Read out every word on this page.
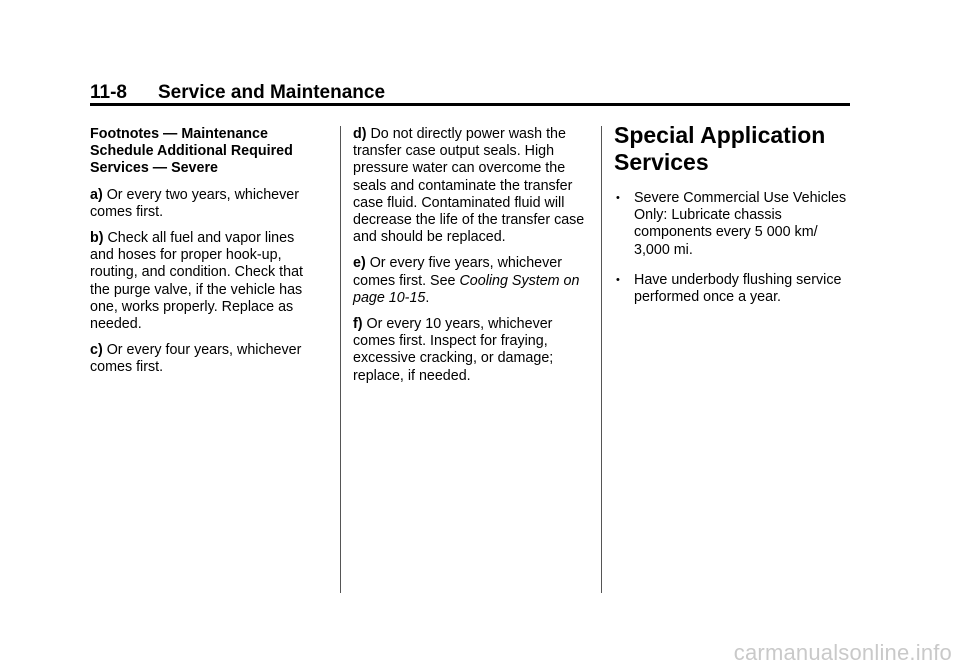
11-8 Service and Maintenance

Footnotes — Maintenance Schedule Additional Required Services — Severe

a) Or every two years, whichever comes first.

b) Check all fuel and vapor lines and hoses for proper hook-up, routing, and condition. Check that the purge valve, if the vehicle has one, works properly. Replace as needed.

c) Or every four years, whichever comes first.

d) Do not directly power wash the transfer case output seals. High pressure water can overcome the seals and contaminate the transfer case fluid. Contaminated fluid will decrease the life of the transfer case and should be replaced.

e) Or every five years, whichever comes first. See Cooling System on page 10-15.

f) Or every 10 years, whichever comes first. Inspect for fraying, excessive cracking, or damage; replace, if needed.

Special Application Services
• Severe Commercial Use Vehicles Only: Lubricate chassis components every 5 000 km/ 3,000 mi.
• Have underbody flushing service performed once a year.
carmanualsonline.info
